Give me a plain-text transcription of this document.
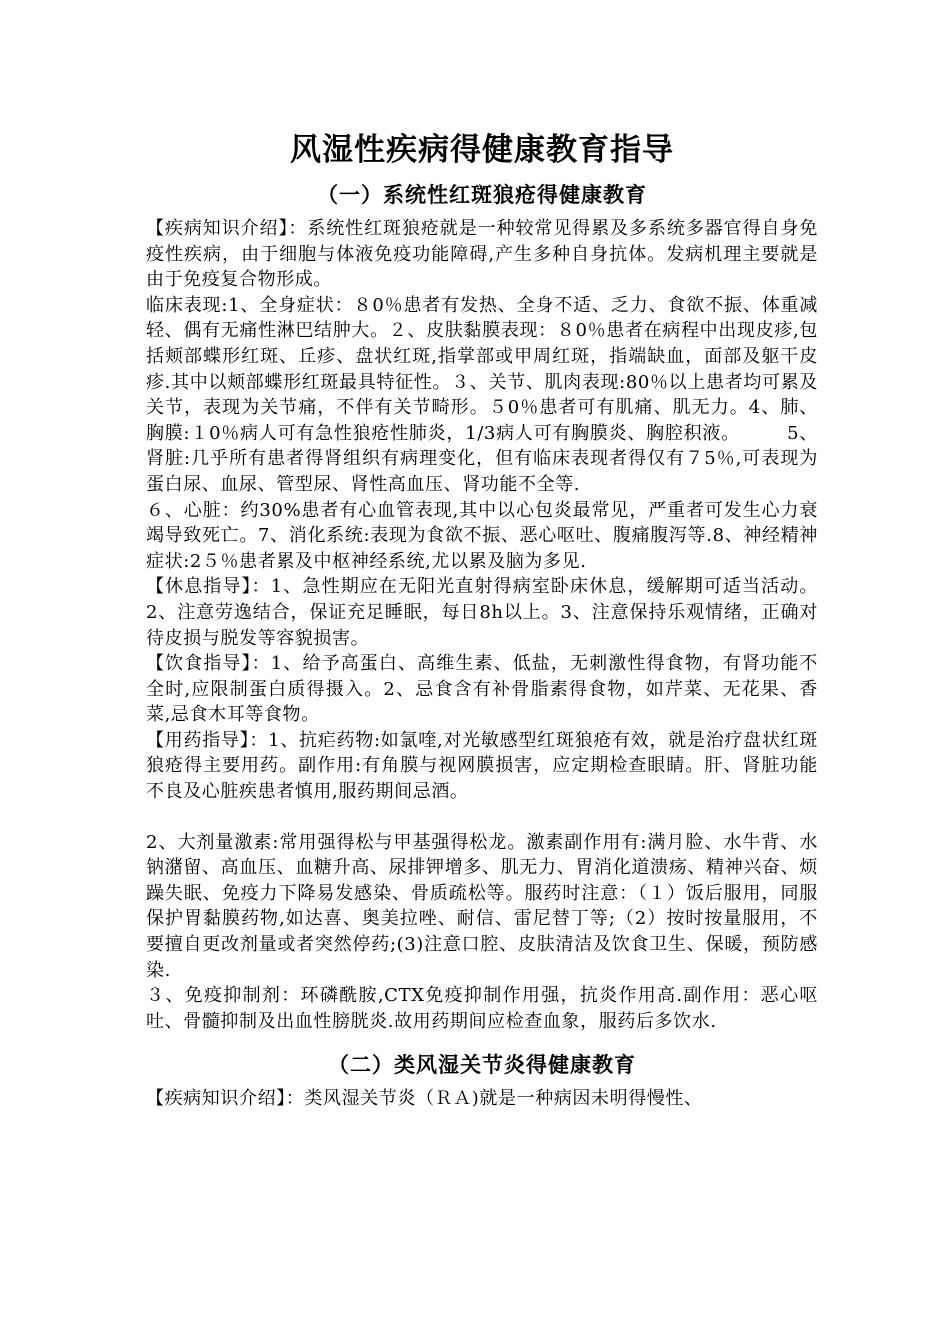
风湿性疾病得健康教育指导
（一）系统性红斑狼疮得健康教育

【疾病知识介绍】：系统性红斑狼疮就是一种较常见得累及多系统多器官得自身免疫性疾病，由于细胞与体液免疫功能障碍,产生多种自身抗体。发病机理主要就是由于免疫复合物形成。

临床表现:1、全身症状：８0％患者有发热、全身不适、乏力、食欲不振、体重减轻、偶有无痛性淋巴结肿大。２、皮肤黏膜表现：８0％患者在病程中出现皮疹,包括颊部蝶形红斑、丘疹、盘状红斑,指掌部或甲周红斑，指端缺血，面部及躯干皮疹.其中以颊部蝶形红斑最具特征性。３、关节、肌肉表现:80％以上患者均可累及关节，表现为关节痛，不伴有关节畸形。５0％患者可有肌痛、肌无力。4、肺、胸膜:１0％病人可有急性狼疮性肺炎，1/3病人可有胸膜炎、胸腔积液。　　　5、肾脏:几乎所有患者得肾组织有病理变化，但有临床表现者得仅有７5％,可表现为蛋白尿、血尿、管型尿、肾性高血压、肾功能不全等.

６、心脏：约30%患者有心血管表现,其中以心包炎最常见，严重者可发生心力衰竭导致死亡。7、消化系统:表现为食欲不振、恶心呕吐、腹痛腹泻等.8、神经精神症状:2５％患者累及中枢神经系统,尤以累及脑为多见.

【休息指导】：1、急性期应在无阳光直射得病室卧床休息，缓解期可适当活动。2、注意劳逸结合，保证充足睡眠，每日8h以上。3、注意保持乐观情绪，正确对待皮损与脱发等容貌损害。

【饮食指导】：1、给予高蛋白、高维生素、低盐，无刺激性得食物，有肾功能不全时,应限制蛋白质得摄入。2、忌食含有补骨脂素得食物，如芹菜、无花果、香菜,忌食木耳等食物。

【用药指导】：1、抗疟药物:如氯喹,对光敏感型红斑狼疮有效，就是治疗盘状红斑狼疮得主要用药。副作用:有角膜与视网膜损害，应定期检查眼睛。肝、肾脏功能不良及心脏疾患者慎用,服药期间忌酒。

2、大剂量激素:常用强得松与甲基强得松龙。激素副作用有:满月脸、水牛背、水钠潴留、高血压、血糖升高、尿排钾增多、肌无力、胃消化道溃疡、精神兴奋、烦躁失眠、免疫力下降易发感染、骨质疏松等。服药时注意：（１）饭后服用，同服保护胃黏膜药物,如达喜、奥美拉唑、耐信、雷尼替丁等;（2）按时按量服用，不要擅自更改剂量或者突然停药;(3)注意口腔、皮肤清洁及饮食卫生、保暖，预防感染.

３、免疫抑制剂：环磷酰胺,CTX免疫抑制作用强，抗炎作用高.副作用：恶心呕吐、骨髓抑制及出血性膀胱炎.故用药期间应检查血象，服药后多饮水.

（二）类风湿关节炎得健康教育

【疾病知识介绍】：类风湿关节炎（ＲＡ)就是一种病因未明得慢性、
